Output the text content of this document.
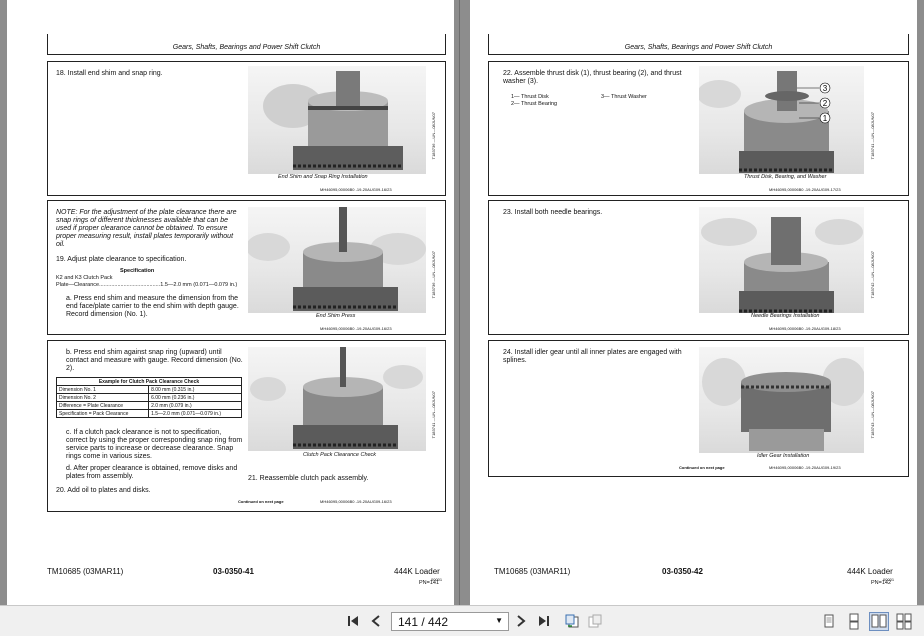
Gears, Shafts, Bearings and Power Shift Clutch
18. Install end shim and snap ring.
End Shim and Snap Ring Installation
T183736 —UN—08JUN07
MH46095,00006B0 -19-20AUG09-16/23
NOTE: For the adjustment of the plate clearance there are snap rings of different thicknesses available that can be used if proper clearance cannot be obtained. To ensure proper measuring result, install plates temporarily without oil.
19. Adjust plate clearance to specification.
Specification
K2 and K3 Clutch Pack
Plate—Clearance........................................1.5—2.0 mm (0.071—0.079 in.)
a. Press end shim and measure the dimension from the end face/plate carrier to the end shim with depth gauge. Record dimension (No. 1).	End Shim Press
T183736 —UN—08JUN07
MH46095,00006B0 -19-20AUG09-16/23
b. Press end shim against snap ring (upward) until contact and measure with gauge. Record dimension (No. 2).
Example for Clutch Pack Clearance Check	
Dimension No. 1	8.00 mm (0.315 in.)
Dimension No. 2	6.00 mm (0.236 in.)
Difference = Plate Clearance	2.0 mm (0.079 in.)
Specification = Pack Clearance	1.5—2.0 mm (0.071—0.079 in.)
c. If a clutch pack clearance is not to specification, correct by using the proper corresponding snap ring from service parts to increase or decrease clearance. Snap rings come in various sizes.
d. After proper clearance is obtained, remove disks and plates from assembly.
20. Add oil to plates and disks.
Clutch Pack Clearance Check
T183741 —UN—08JUN07
21. Reassemble clutch pack assembly.
Continued on next page	MH46095,00006B0 -19-20AUG09-16/23
TM10685 (03MAR11)	03-0350-41	444K Loader
00001
PN=141
Gears, Shafts, Bearings and Power Shift Clutch
22. Assemble thrust disk (1), thrust bearing (2), and thrust washer (3).
1— Thrust Disk
2— Thrust Bearing
3— Thrust Washer
3
2
1
Thrust Disk, Bearing, and Washer
T183741 —UN—08JUN07
MH46095,00006B0 -19-20AUG09-17/23
23. Install both needle bearings.
Needle Bearings Installation
T183742 —UN—08JUN07
MH46095,00006B0 -19-20AUG09-18/23
24. Install idler gear until all inner plates are engaged with splines.
Idler Gear Installation
T183743 —UN—08JUN07
Continued on next page	MH46095,00006B0 -19-20AUG09-19/23
TM10685 (03MAR11)	03-0350-42	444K Loader
00001
PN=142
141 / 442	▼
